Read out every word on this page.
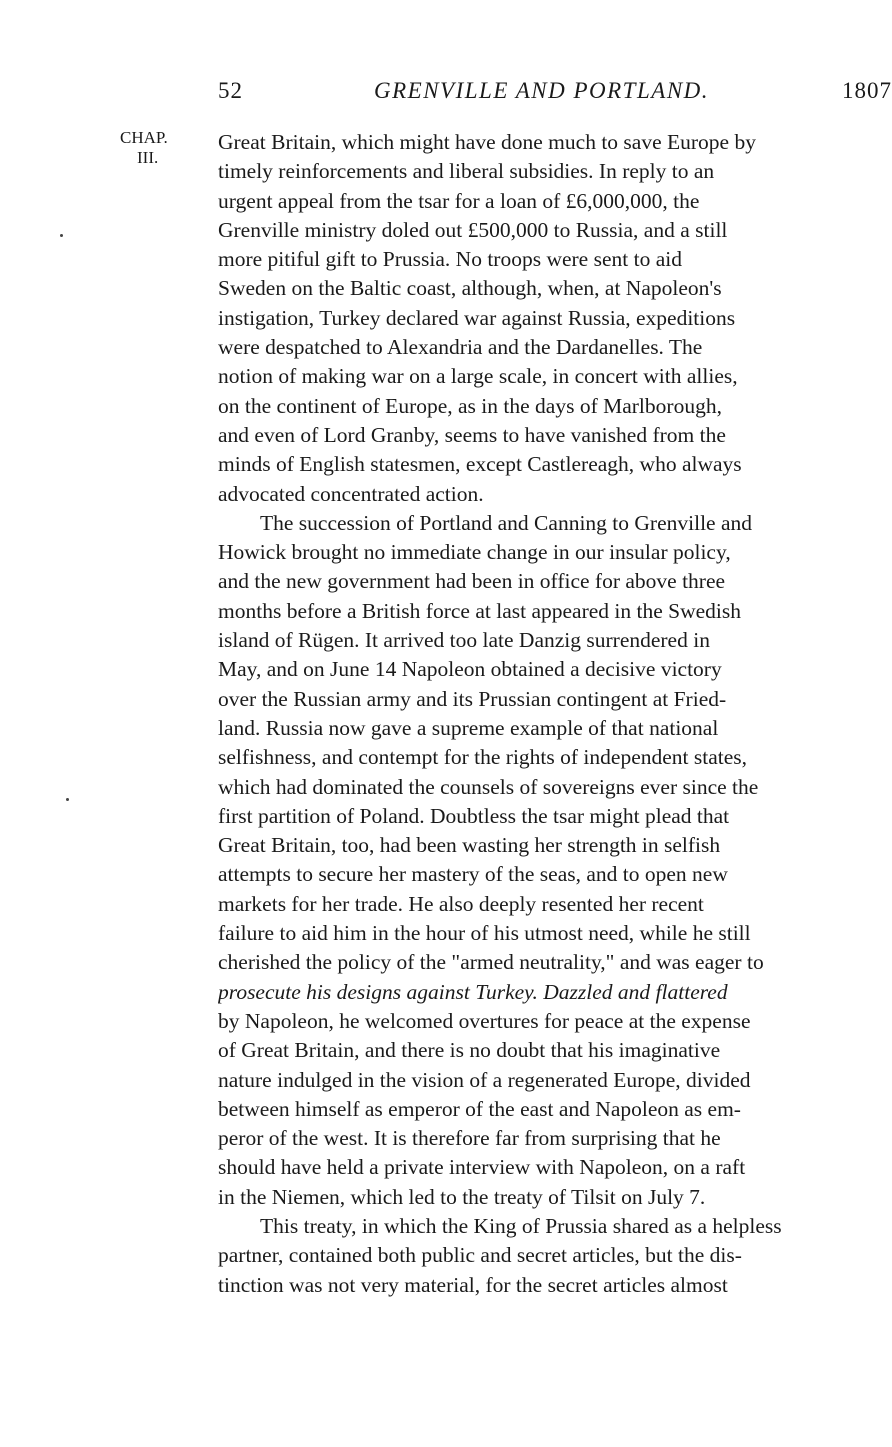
52	GRENVILLE AND PORTLAND.	1807
CHAP.
III.
Great Britain, which might have done much to save Europe by
timely reinforcements and liberal subsidies. In reply to an
urgent appeal from the tsar for a loan of £6,000,000, the
Grenville ministry doled out £500,000 to Russia, and a still
more pitiful gift to Prussia. No troops were sent to aid
Sweden on the Baltic coast, although, when, at Napoleon's
instigation, Turkey declared war against Russia, expeditions
were despatched to Alexandria and the Dardanelles. The
notion of making war on a large scale, in concert with allies,
on the continent of Europe, as in the days of Marlborough,
and even of Lord Granby, seems to have vanished from the
minds of English statesmen, except Castlereagh, who always
advocated concentrated action.
The succession of Portland and Canning to Grenville and
Howick brought no immediate change in our insular policy,
and the new government had been in office for above three
months before a British force at last appeared in the Swedish
island of Rügen. It arrived too late Danzig surrendered in
May, and on June 14 Napoleon obtained a decisive victory
over the Russian army and its Prussian contingent at Fried-
land. Russia now gave a supreme example of that national
selfishness, and contempt for the rights of independent states,
which had dominated the counsels of sovereigns ever since the
first partition of Poland. Doubtless the tsar might plead that
Great Britain, too, had been wasting her strength in selfish
attempts to secure her mastery of the seas, and to open new
markets for her trade. He also deeply resented her recent
failure to aid him in the hour of his utmost need, while he still
cherished the policy of the "armed neutrality," and was eager to
prosecute his designs against Turkey. Dazzled and flattered
by Napoleon, he welcomed overtures for peace at the expense
of Great Britain, and there is no doubt that his imaginative
nature indulged in the vision of a regenerated Europe, divided
between himself as emperor of the east and Napoleon as em-
peror of the west. It is therefore far from surprising that he
should have held a private interview with Napoleon, on a raft
in the Niemen, which led to the treaty of Tilsit on July 7.
This treaty, in which the King of Prussia shared as a helpless
partner, contained both public and secret articles, but the dis-
tinction was not very material, for the secret articles almost
